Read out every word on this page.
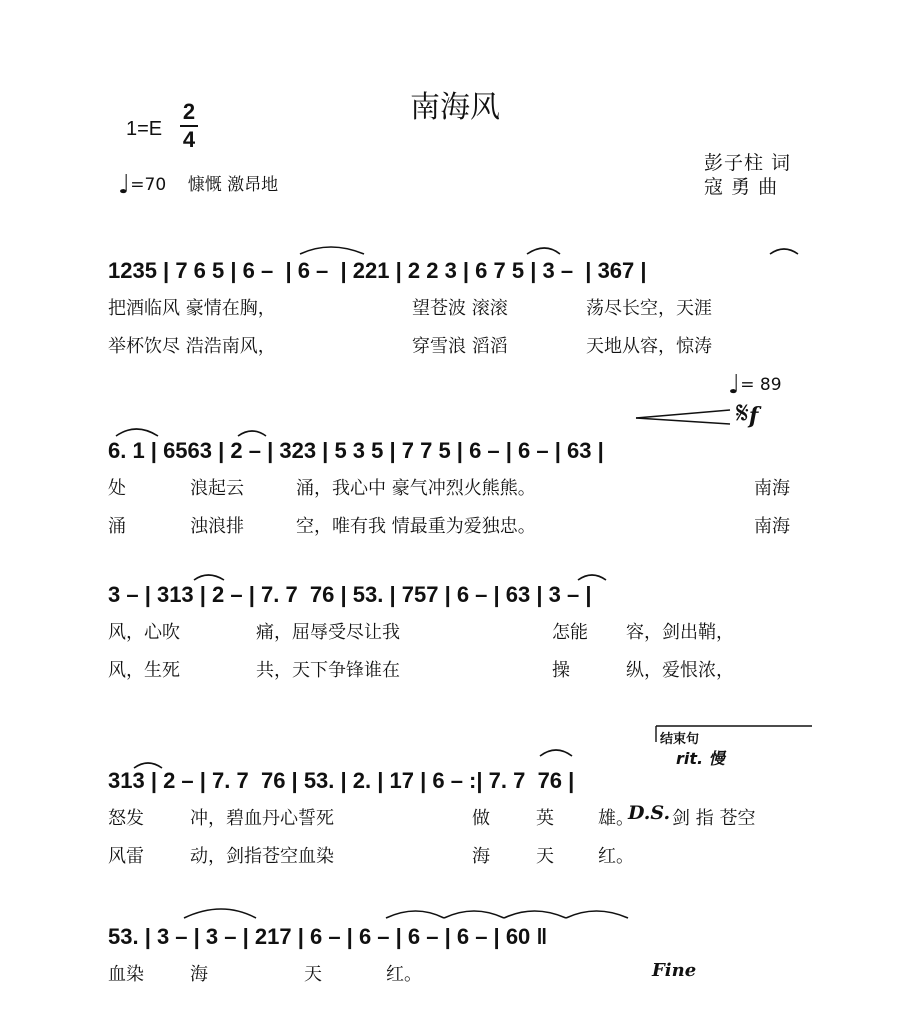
南海风
1=E
2
4
♩=70 慷慨 激昂地
彭子柱 词
寇 勇 曲
1235 | 7 6 5 | 6 –  | 6 –  | 221 | 2 2 3 | 6 7 5 | 3 –  | 367 |
把酒临风 豪情在胸，	望苍波 滚滚	荡尽长空，天涯
举杯饮尽 浩浩南风，	穿雪浪 滔滔	天地从容，惊涛
♩= 89
𝄋f
6. 1 | 6563 | 2 – | 323 | 5 3 5 | 7 7 5 | 6 – | 6 – | 63 |
处	浪起云	涌，我心中 豪气冲烈火熊熊。	南海
涌	浊浪排	空，唯有我 情最重为爱独忠。	南海
3 – | 313 | 2 – | 7. 7  76 | 53. | 757 | 6 – | 63 | 3 – |
风，心吹	痛，屈辱受尽让我	怎能 容，剑出鞘，
风，生死	共，天下争锋谁在	操	纵，爱恨浓，
结束句
rit. 慢
313 | 2 – | 7. 7  76 | 53. | 2. | 17 | 6 – :| 7. 7  76 |
怒发	冲，碧血丹心誓死	做	英 雄。
D.S. 剑 指 苍空
风雷	动，剑指苍空血染	海	天 红。
53. | 3 – | 3 – | 217 | 6 – | 6 – | 6 – | 6 – | 60 ‖
血染	海	天	红。	Fine
